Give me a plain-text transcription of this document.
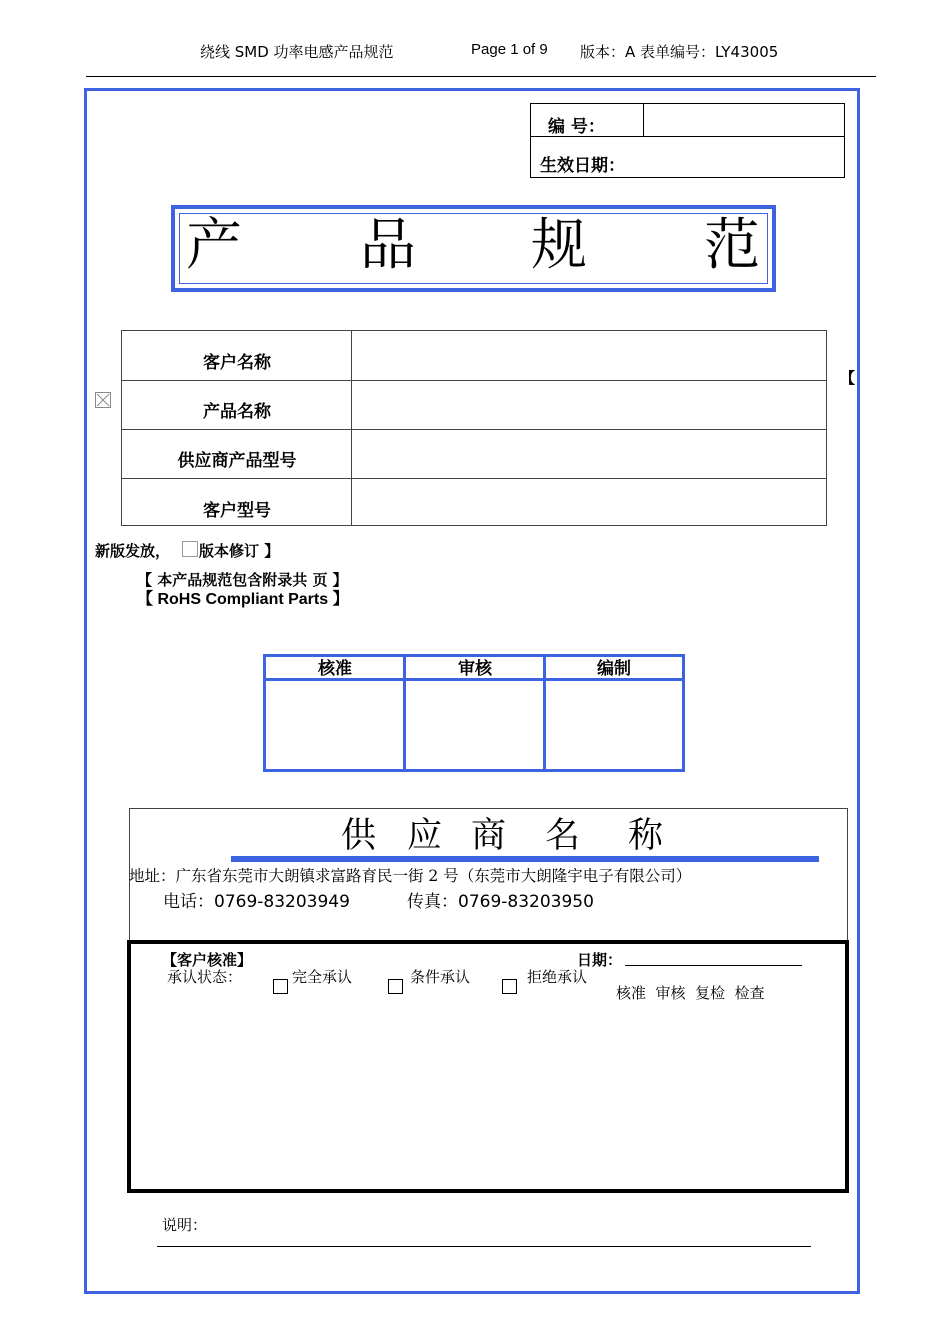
绕线 SMD 功率电感产品规范	Page 1 of 9 版本：A 表单编号：LY43005
编 号：
生效日期：
产 品 规 范
客户名称
产品名称
供应商产品型号
客户型号
【
新版发放， 版本修订 】
【 本产品规范包含附录共 页 】
【 RoHS Compliant Parts 】
核准	审核	编制
供 应 商 名 称
地址：广东省东莞市大朗镇求富路育民一街 2 号（东莞市大朗隆宇电子有限公司）
电话：0769-83203949	传真：0769-83203950
【客户核准】	日期：
承认状态：	完全承认	条件承认	拒绝承认
核准  审核  复检  检查
说明：
